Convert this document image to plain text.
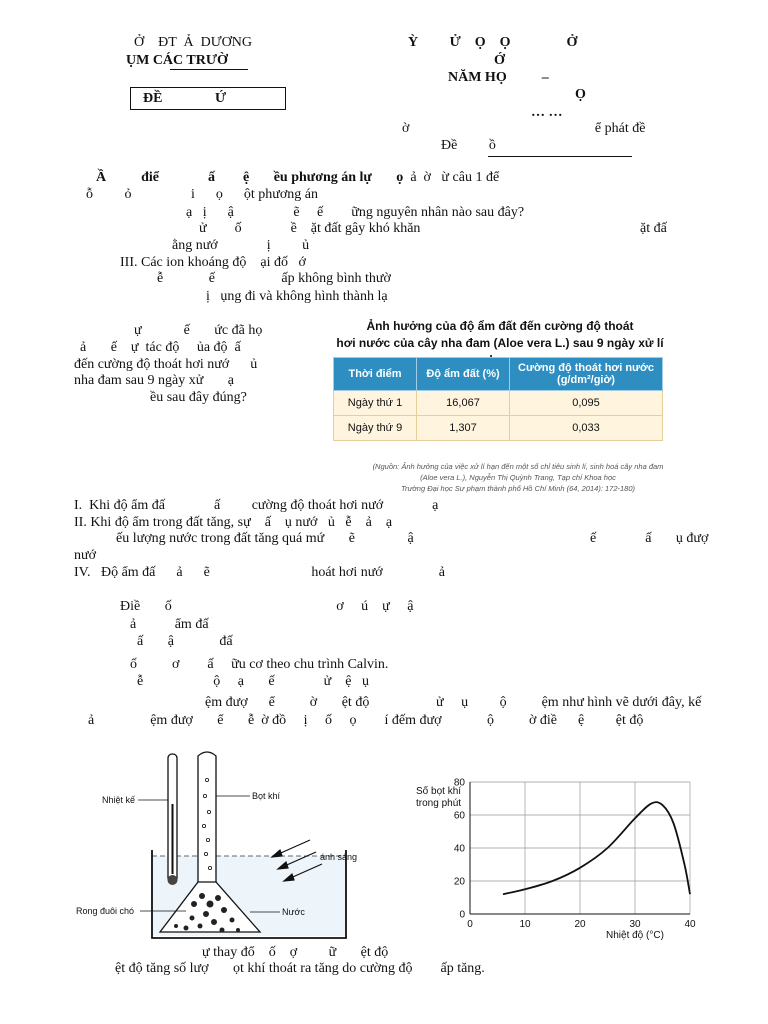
Ở    ĐT  Ả  DƯƠNG
ỤM CÁC TRƯỜ
Ỳ         Ử    Ọ    Ọ                Ở
Ớ
NĂM HỌ          –
Ọ
… …
ĐỀ               Ứ
ờ                                                     ể phát đề
Đề         ồ
Ầ          điể              ấ        ệ       ều phương án lự       ọ  ả  ờ   ừ câu 1 để
ỗ         ỏ                 i      ọ      ột phương án
ạ   ị      ậ                 ẽ     ế        ững nguyên nhân nào sau đây?
ử        ố              ề    ặt đất gây khó khăn	ặt đấ
ằng nướ              ị         ủ
III. Các ion khoáng độ    ại đố   ớ
ễ             ế                   ấp không bình thườ
ị   ụng đi và không hình thành lạ
ự            ế       ức đã họ
ả       ế    ự  tác độ     ủa độ  ấ
đến cường độ thoát hơi nướ      ủ
nha đam sau 9 ngày xử       ạ
ều sau đây đúng?
Ảnh hưởng của độ ẩm đất đến cường độ thoát
hơi nước của cây nha đam (Aloe vera L.) sau 9 ngày xử lí
Thời điểm	Độ ẩm đất (%)	Cường độ thoát hơi nước (g/dm²/giờ)
Ngày thứ 1	16,067	0,095
Ngày thứ 9	1,307	0,033
(Nguồn: Ảnh hưởng của việc xử lí hạn đến một số chỉ tiêu sinh lí, sinh hoá cây nha đam
(Aloe vera L.), Nguyễn Thị Quỳnh Trang, Tạp chí Khoa học
Trường Đại học Sư phạm thành phố Hồ Chí Minh (64, 2014): 172-180)
I.  Khi độ ẩm đấ              ấ         cường độ thoát hơi nướ              ạ
II. Khi độ ẩm trong đất tăng, sự    ấ    ụ nướ   ủ   ễ    ả    ạ
ếu lượng nước trong đất tăng quá mứ       ẽ               ậ	ế              ấ       ụ đượ
nướ
IV.   Độ ẩm đấ      ả      ẽ                             hoát hơi nướ                ả
Điề       ố                                               ơ     ú    ự     ậ
ả           ẩm đấ
ấ       ậ             đấ
ố          ơ        ấ     ữu cơ theo chu trình Calvin.
ễ                    ộ     ạ       ế              ử    ệ   ụ
ệm đượ      ể          ờ       ệt độ	ử     ụ         ộ          ệm như hình vẽ dưới đây, kế
ả                ệm đượ       ể       ễ  ờ đồ     ị     ố     ọ        í đếm đượ             ộ          ờ điề      ệ         ệt độ
Nhiệt kế	Bọt khí
ánh sáng
Rong đuôi chó	Nước
0	10	20	30	40
0
20
40
60
80
Số bọt khí
trong phút
Nhiệt độ (°C)
ự thay đổ    ố    ợ         ữ       ệt độ
ệt độ tăng số lượ       ọt khí thoát ra tăng do cường độ        ấp tăng.
